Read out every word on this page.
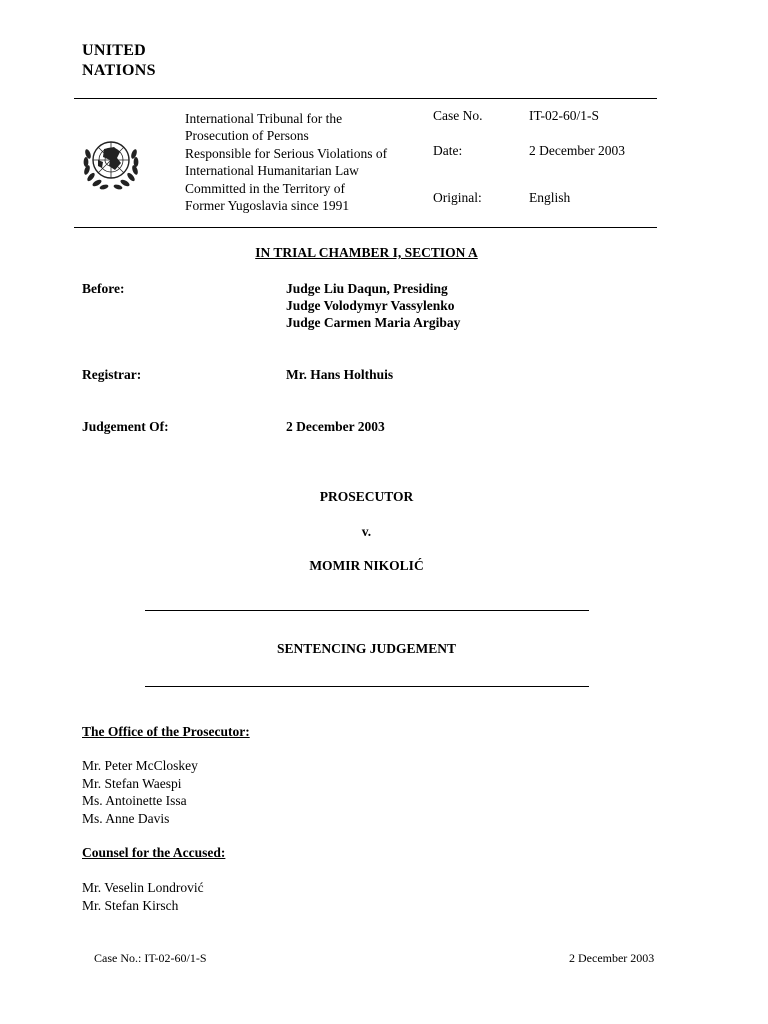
UNITED
NATIONS
International Tribunal for the
Prosecution of Persons
Responsible for Serious Violations of
International Humanitarian Law
Committed in the Territory of
Former Yugoslavia since 1991
Case No.	IT-02-60/1-S
Date:	2 December 2003
Original:	English
IN TRIAL CHAMBER I, SECTION A
Before:	Judge Liu Daqun, Presiding
Judge Volodymyr Vassylenko
Judge Carmen Maria Argibay
Registrar:	Mr. Hans Holthuis
Judgement Of:	2 December 2003
PROSECUTOR
v.
MOMIR NIKOLIĆ
SENTENCING JUDGEMENT
The Office of the Prosecutor:
Mr. Peter McCloskey
Mr. Stefan Waespi
Ms. Antoinette Issa
Ms. Anne Davis
Counsel for the Accused:
Mr. Veselin Londrović
Mr. Stefan Kirsch
Case No.: IT-02-60/1-S	2 December 2003
